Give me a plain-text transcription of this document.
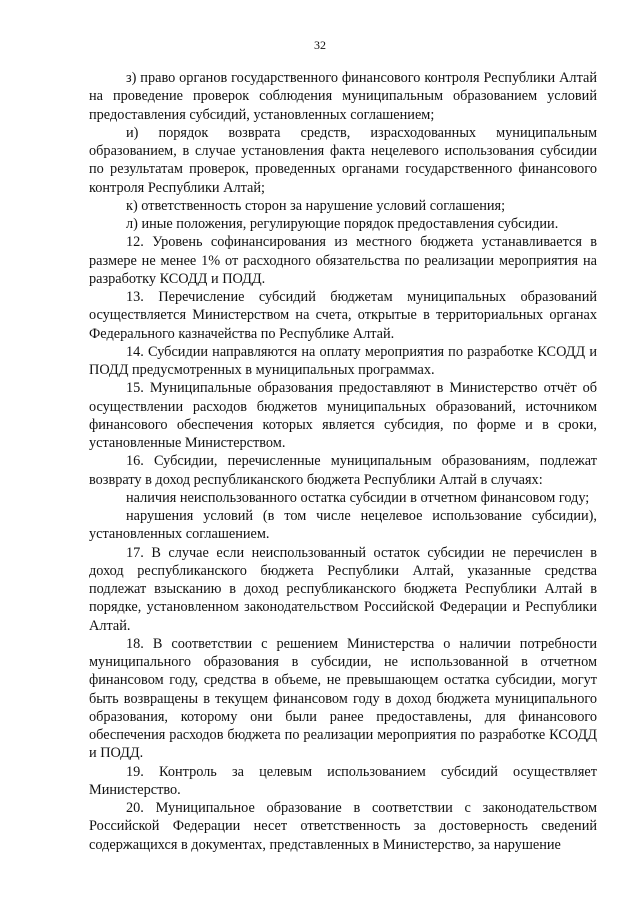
32

з) право органов государственного финансового контроля Республики Алтай на проведение проверок соблюдения муниципальным образованием условий предоставления субсидий, установленных соглашением;

и) порядок возврата средств, израсходованных муниципальным образованием, в случае установления факта нецелевого использования субсидии по результатам проверок, проведенных органами государственного финансового контроля Республики Алтай;

к) ответственность сторон за нарушение условий соглашения;

л) иные положения, регулирующие порядок предоставления субсидии.

12. Уровень софинансирования из местного бюджета устанавливается в размере не менее 1% от расходного обязательства по реализации мероприятия на разработку КСОДД и ПОДД.

13. Перечисление субсидий бюджетам муниципальных образований осуществляется Министерством на счета, открытые в территориальных органах Федерального казначейства по Республике Алтай.

14. Субсидии направляются на оплату мероприятия по разработке КСОДД и ПОДД предусмотренных в муниципальных программах.

15. Муниципальные образования предоставляют в Министерство отчёт об осуществлении расходов бюджетов муниципальных образований, источником финансового обеспечения которых является субсидия, по форме и в сроки, установленные Министерством.

16. Субсидии, перечисленные муниципальным образованиям, подлежат возврату в доход республиканского бюджета Республики Алтай в случаях:

наличия неиспользованного остатка субсидии в отчетном финансовом году;

нарушения условий (в том числе нецелевое использование субсидии), установленных соглашением.

17. В случае если неиспользованный остаток субсидии не перечислен в доход республиканского бюджета Республики Алтай, указанные средства подлежат взысканию в доход республиканского бюджета Республики Алтай в порядке, установленном законодательством Российской Федерации и Республики Алтай.

18. В соответствии с решением Министерства о наличии потребности муниципального образования в субсидии, не использованной в отчетном финансовом году, средства в объеме, не превышающем остатка субсидии, могут быть возвращены в текущем финансовом году в доход бюджета муниципального образования, которому они были ранее предоставлены, для финансового обеспечения расходов бюджета по реализации мероприятия по разработке КСОДД и ПОДД.

19. Контроль за целевым использованием субсидий осуществляет Министерство.

20. Муниципальное образование в соответствии с законодательством Российской Федерации несет ответственность за достоверность сведений содержащихся в документах, представленных в Министерство, за нарушение
